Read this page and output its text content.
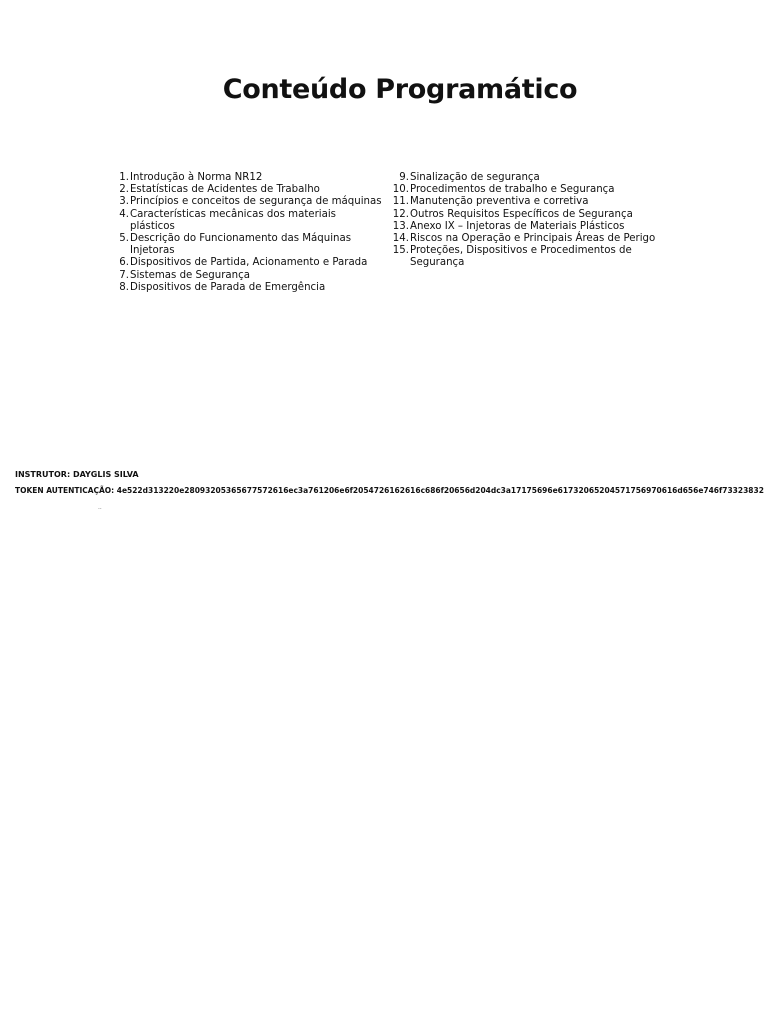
Conteúdo Programático
1. Introdução à Norma NR12
2. Estatísticas de Acidentes de Trabalho
3. Princípios e conceitos de segurança de máquinas
4. Características mecânicas dos materiais plásticos
5. Descrição do Funcionamento das Máquinas Injetoras
6. Dispositivos de Partida, Acionamento e Parada
7. Sistemas de Segurança
8. Dispositivos de Parada de Emergência
9. Sinalização de segurança
10. Procedimentos de trabalho e Segurança
11. Manutenção preventiva e corretiva
12. Outros Requisitos Específicos de Segurança
13. Anexo IX – Injetoras de Materiais Plásticos
14. Riscos na Operação e Principais Áreas de Perigo
15. Proteções, Dispositivos e Procedimentos de Segurança
INSTRUTOR: DAYGLIS SILVA
TOKEN AUTENTICAÇÃO: 4e522d313220e28093205365677572616ec3a761206e6f2054726162616c686f20656d204dc3a17175696e61732065204571756970616d656e746f73323832
..
